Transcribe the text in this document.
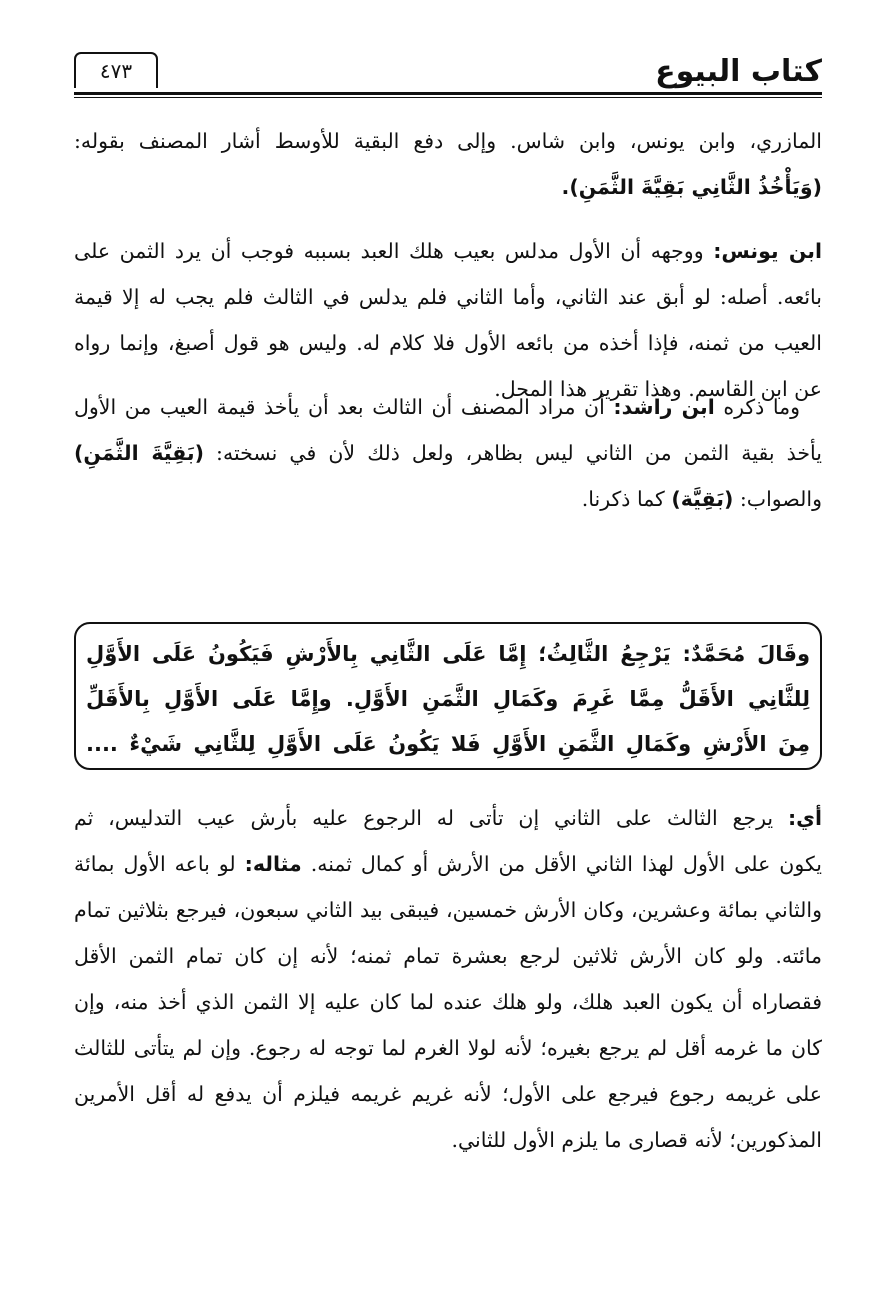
كتاب البيوع
٤٧٣
المازري، وابن يونس، وابن شاس. وإلى دفع البقية للأوسط أشار المصنف بقوله:
(وَيَأْخُذُ الثَّانِي بَقِيَّةَ الثَّمَنِ).
ابن يونس: ووجهه أن الأول مدلس بعيب هلك العبد بسببه فوجب أن يرد الثمن على
بائعه. أصله: لو أبق عند الثاني، وأما الثاني فلم يدلس في الثالث فلم يجب له إلا قيمة
العيب من ثمنه، فإذا أخذه من بائعه الأول فلا كلام له. وليس هو قول أصبغ، وإنما رواه
عن ابن القاسم. وهذا تقرير هذا المحل.
وما ذكره ابن راشد: أن مراد المصنف أن الثالث بعد أن يأخذ قيمة العيب من الأول
يأخذ بقية الثمن من الثاني ليس بظاهر، ولعل ذلك لأن في نسخته: (بَقِيَّةَ الثَّمَنِ)
والصواب: (بَقِيَّة) كما ذكرنا.
وقَالَ مُحَمَّدٌ: يَرْجِعُ الثَّالِثُ؛ إِمَّا عَلَى الثَّانِي بِالأَرْشِ فَيَكُونُ عَلَى الأَوَّلِ
لِلثَّانِي الأَقَلُّ مِمَّا غَرِمَ وكَمَالِ الثَّمَنِ الأَوَّلِ. وإِمَّا عَلَى الأَوَّلِ بِالأَقَلِّ
مِنَ الأَرْشِ وكَمَالِ الثَّمَنِ الأَوَّلِ فَلا يَكُونُ عَلَى الأَوَّلِ لِلثَّانِي شَيْءٌ ....
أي: يرجع الثالث على الثاني إن تأتى له الرجوع عليه بأرش عيب التدليس، ثم
يكون على الأول لهذا الثاني الأقل من الأرش أو كمال ثمنه. مثاله: لو باعه الأول بمائة
والثاني بمائة وعشرين، وكان الأرش خمسين، فيبقى بيد الثاني سبعون، فيرجع بثلاثين تمام
مائته. ولو كان الأرش ثلاثين لرجع بعشرة تمام ثمنه؛ لأنه إن كان تمام الثمن الأقل
فقصاراه أن يكون العبد هلك، ولو هلك عنده لما كان عليه إلا الثمن الذي أخذ منه، وإن
كان ما غرمه أقل لم يرجع بغيره؛ لأنه لولا الغرم لما توجه له رجوع. وإن لم يتأتى للثالث
على غريمه رجوع فيرجع على الأول؛ لأنه غريم غريمه فيلزم أن يدفع له أقل الأمرين
المذكورين؛ لأنه قصارى ما يلزم الأول للثاني.
